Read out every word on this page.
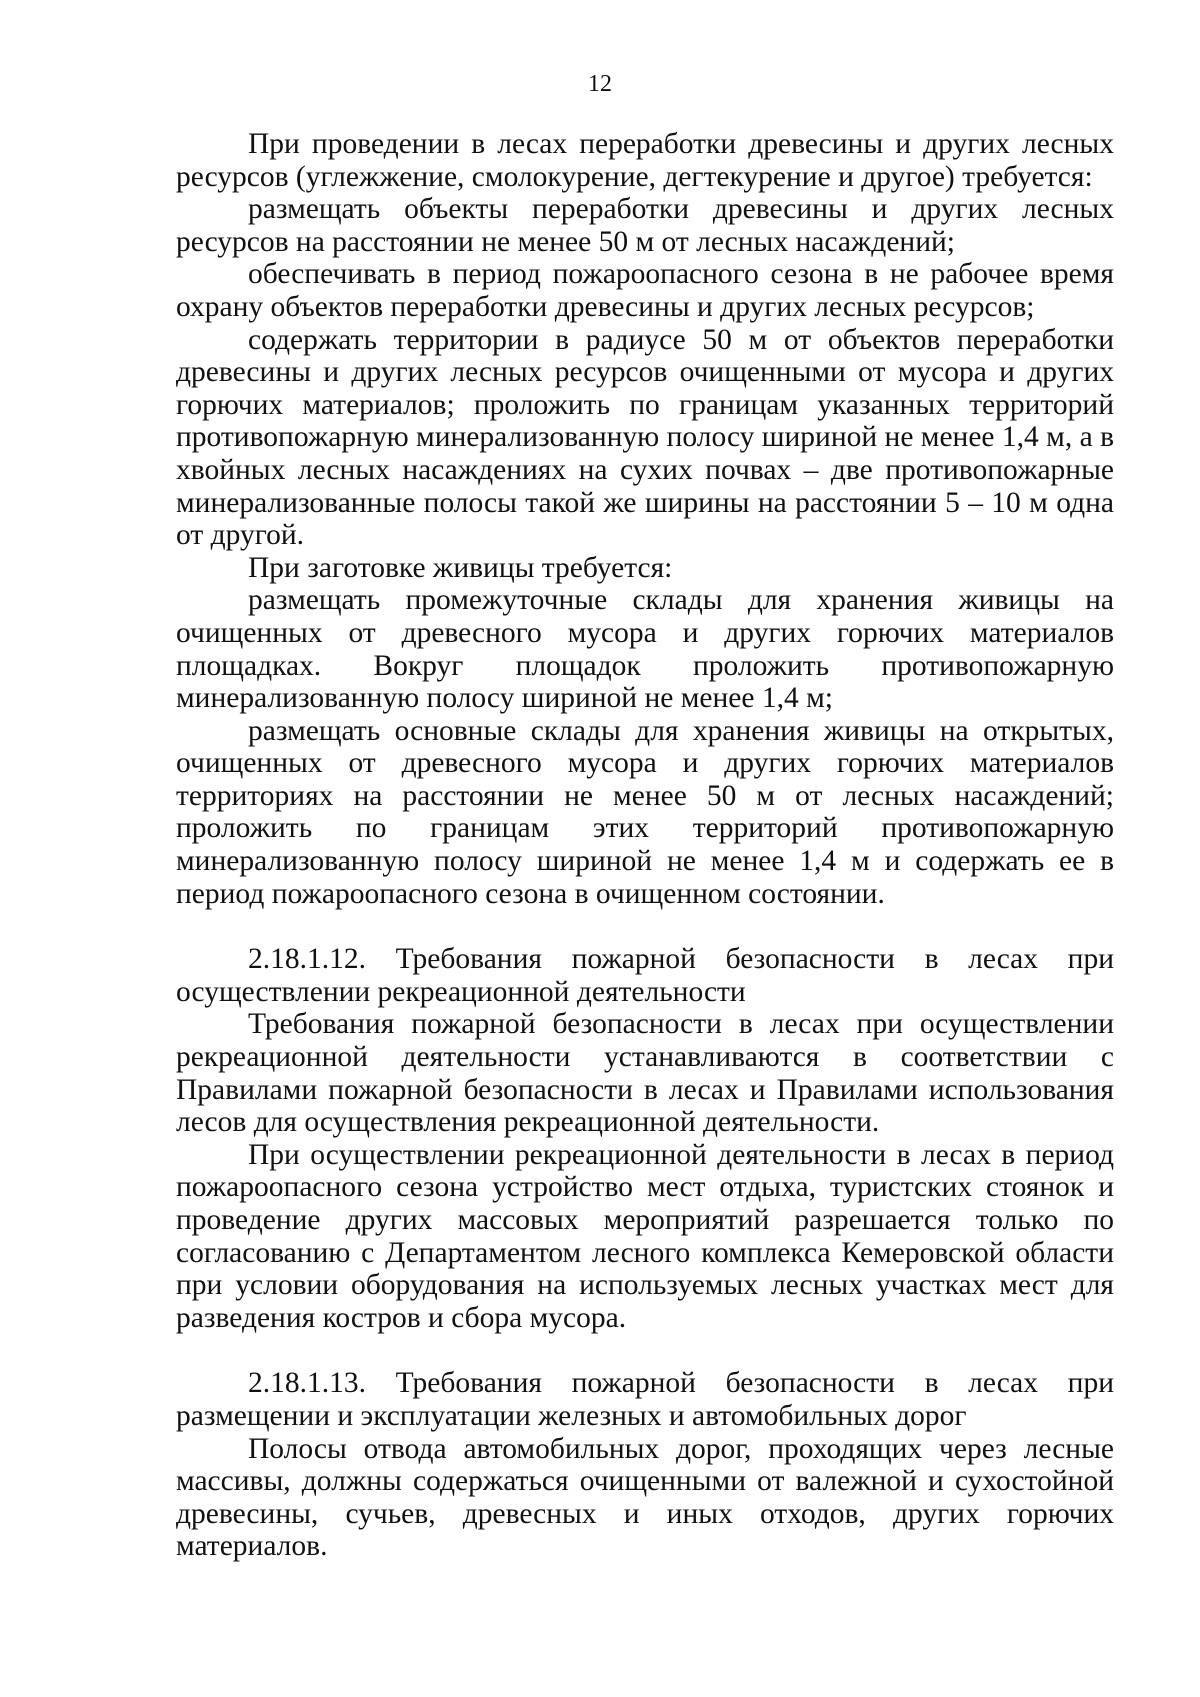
12

При проведении в лесах переработки древесины и других лесных ресурсов (углежжение, смолокурение, дегтекурение и другое) требуется:

размещать объекты переработки древесины и других лесных ресурсов на расстоянии не менее 50 м от лесных насаждений;

обеспечивать в период пожароопасного сезона в не рабочее время охрану объектов переработки древесины и других лесных ресурсов;

содержать территории в радиусе 50 м от объектов переработки древесины и других лесных ресурсов очищенными от мусора и других горючих материалов; проложить по границам указанных территорий противопожарную минерализованную полосу шириной не менее 1,4 м, а в хвойных лесных насаждениях на сухих почвах – две противопожарные минерализованные полосы такой же ширины на расстоянии 5 – 10 м одна от другой.

При заготовке живицы требуется:

размещать промежуточные склады для хранения живицы на очищенных от древесного мусора и других горючих материалов площадках. Вокруг площадок проложить противопожарную минерализованную полосу шириной не менее 1,4 м;

размещать основные склады для хранения живицы на открытых, очищенных от древесного мусора и других горючих материалов территориях на расстоянии не менее 50 м от лесных насаждений; проложить по границам этих территорий противопожарную минерализованную полосу шириной не менее 1,4 м и содержать ее в период пожароопасного сезона в очищенном состоянии.

2.18.1.12. Требования пожарной безопасности в лесах при осуществлении рекреационной деятельности

Требования пожарной безопасности в лесах при осуществлении рекреационной деятельности устанавливаются в соответствии с Правилами пожарной безопасности в лесах и Правилами использования лесов для осуществления рекреационной деятельности.

При осуществлении рекреационной деятельности в лесах в период пожароопасного сезона устройство мест отдыха, туристских стоянок и проведение других массовых мероприятий разрешается только по согласованию с Департаментом лесного комплекса Кемеровской области при условии оборудования на используемых лесных участках мест для разведения костров и сбора мусора.

2.18.1.13. Требования пожарной безопасности в лесах при размещении и эксплуатации железных и автомобильных дорог

Полосы отвода автомобильных дорог, проходящих через лесные массивы, должны содержаться очищенными от валежной и сухостойной древесины, сучьев, древесных и иных отходов, других горючих материалов.
